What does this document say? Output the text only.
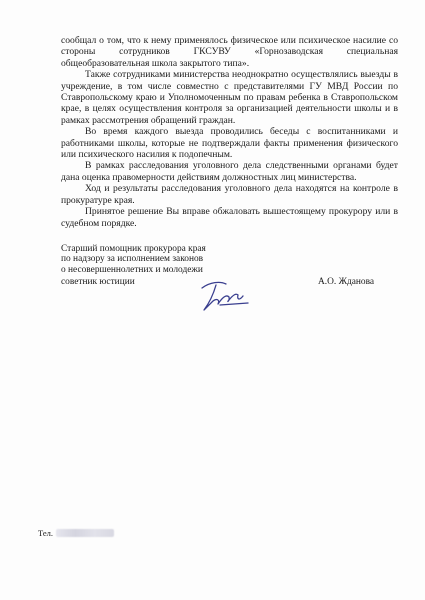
сообщал о том, что к нему применялось физическое или психическое насилие со стороны сотрудников ГКСУВУ «Горнозаводская специальная общеобразовательная школа закрытого типа».

Также сотрудниками министерства неоднократно осуществлялись выезды в учреждение, в том числе совместно с представителями ГУ МВД России по Ставропольскому краю и Уполномоченным по правам ребенка в Ставропольском крае, в целях осуществления контроля за организацией деятельности школы и в рамках рассмотрения обращений граждан.

Во время каждого выезда проводились беседы с воспитанниками и работниками школы, которые не подтверждали факты применения физического или психического насилия к подопечным.

В рамках расследования уголовного дела следственными органами будет дана оценка правомерности действиям должностных лиц министерства.

Ход и результаты расследования уголовного дела находятся на контроле в прокуратуре края.

Принятое решение Вы вправе обжаловать вышестоящему прокурору или в судебном порядке.

Старший помощник прокурора края
по надзору за исполнением законов
о несовершеннолетних и молодежи
советник юстиции	А.О. Жданова
Тел.
